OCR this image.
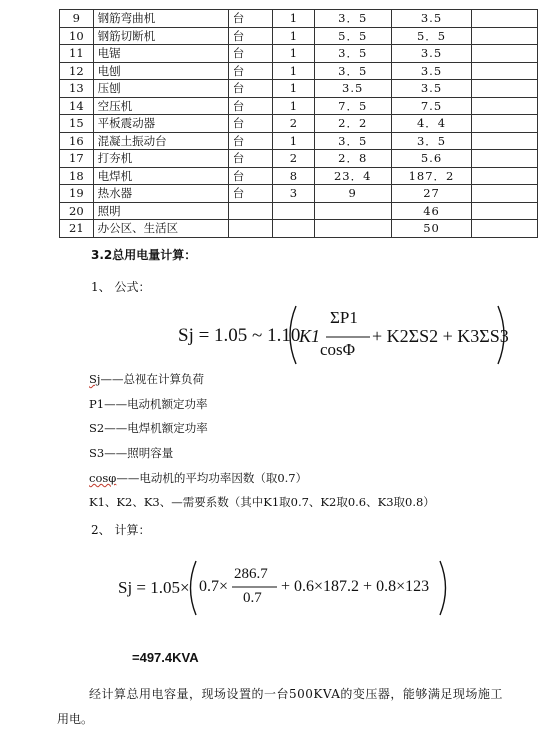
9	钢筋弯曲机	台	1	3．5	3.5	
10	钢筋切断机	台	1	5．5	5．5	
11	电锯	台	1	3．5	3.5	
12	电刨	台	1	3．5	3.5	
13	压刨	台	1	3.5	3.5	
14	空压机	台	1	7．5	7.5	
15	平板震动器	台	2	2．2	4．4	
16	混凝土振动台	台	1	3．5	3．5	
17	打夯机	台	2	2．8	5.6	
18	电焊机	台	8	23．4	187．2	
19	热水器	台	3	9	27	
20	照明				46	
21	办公区、生活区				50	
3.2总用电量计算：
1、 公式：
Sj = 1.05 ~ 1.10
K1
ΣP1
cosΦ
+ K2ΣS2 + K3ΣS3
Sj——总视在计算负荷
P1——电动机额定功率
S2——电焊机额定功率
S3——照明容量
cosφ——电动机的平均功率因数（取0.7）
K1、K2、K3、—需要系数（其中K1取0.7、K2取0.6、K3取0.8）
2、 计算：
Sj = 1.05× 0.7×
286.7
0.7
+ 0.6×187.2 + 0.8×123
=497.4KVA
经计算总用电容量，现场设置的一台500KVA的变压器，能够满足现场施工
用电。
